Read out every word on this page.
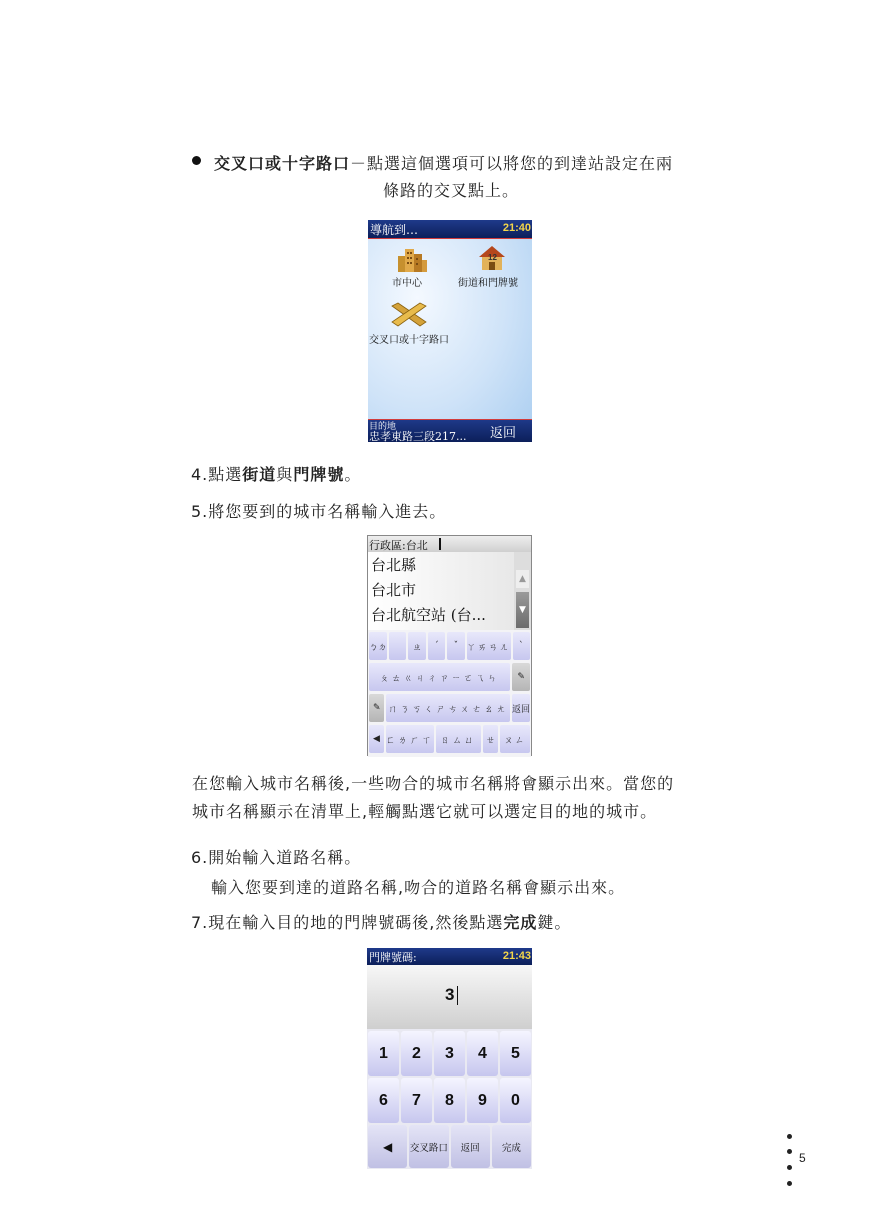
交叉口或十字路口－點選這個選項可以將您的到達站設定在兩
條路的交叉點上。
導航到…	21:40
市中心
12
街道和門牌號
交叉口或十字路口
目的地
忠孝東路三段217... 返回
4.點選街道與門牌號。
5.將您要到的城市名稱輸入進去。
行政區:台北
台北縣
台北市
台北航空站 (台...
▲
▼
ㄅㄉ	ㄓ	ˊ	ˇ ㄚㄞㄢㄦ ˋ
ㄆㄊㄍㄐㄔㄗㄧㄛㄟㄣ	✎
✎ ㄇㄋㄎㄑㄕㄘㄨㄜㄠㄤ 返回
◀ ㄈㄌㄏㄒ ㄖㄙㄩ	ㄝ ㄡㄥ
在您輸入城市名稱後,一些吻合的城市名稱將會顯示出來。當您的
城市名稱顯示在清單上,輕觸點選它就可以選定目的地的城市。
6.開始輸入道路名稱。
輸入您要到達的道路名稱,吻合的道路名稱會顯示出來。
7.現在輸入目的地的門牌號碼後,然後點選完成鍵。
門牌號碼:	21:43
3
1	2	3	4	5
6	7	8	9	0
◀	交叉路口	返回	完成
5
